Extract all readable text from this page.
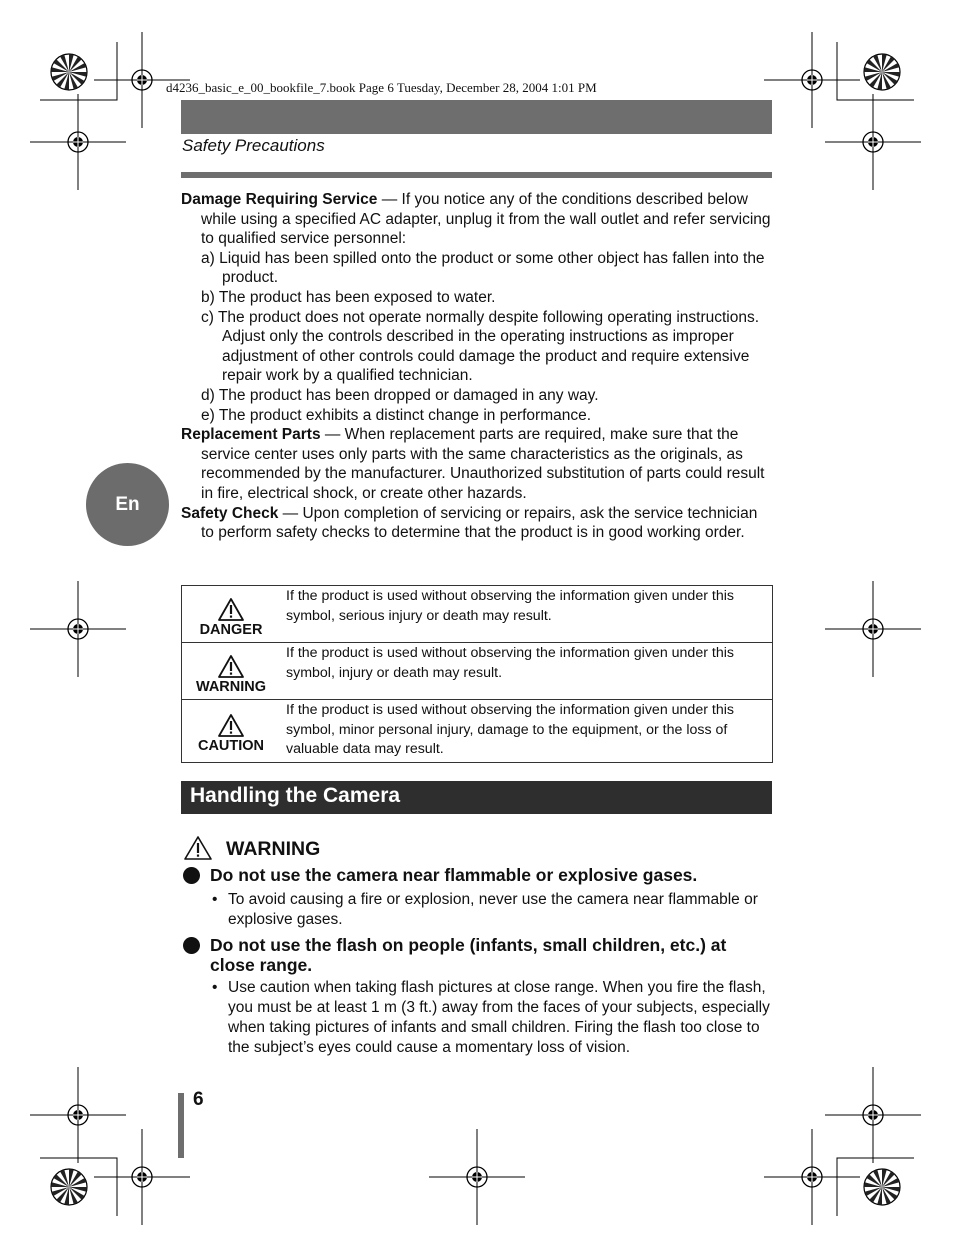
d4236_basic_e_00_bookfile_7.book Page 6 Tuesday, December 28, 2004 1:01 PM
Safety Precautions
En

Damage Requiring Service — If you notice any of the conditions described below while using a specified AC adapter, unplug it from the wall outlet and refer servicing to qualified service personnel:

a) Liquid has been spilled onto the product or some other object has fallen into the product.

b) The product has been exposed to water.

c) The product does not operate normally despite following operating instructions. Adjust only the controls described in the operating instructions as improper adjustment of other controls could damage the product and require extensive repair work by a qualified technician.

d) The product has been dropped or damaged in any way.

e) The product exhibits a distinct change in performance.

Replacement Parts — When replacement parts are required, make sure that the service center uses only parts with the same characteristics as the originals, as recommended by the manufacturer. Unauthorized substitution of parts could result in fire, electrical shock, or create other hazards.

Safety Check — Upon completion of servicing or repairs, ask the service technician to perform safety checks to determine that the product is in good working order.

DANGER
If the product is used without observing the information given under this symbol, serious injury or death may result.
WARNING
If the product is used without observing the information given under this symbol, injury or death may result.
CAUTION
If the product is used without observing the information given under this symbol, minor personal injury, damage to the equipment, or the loss of valuable data may result.
Handling the Camera
WARNING
Do not use the camera near flammable or explosive gases.
• To avoid causing a fire or explosion, never use the camera near flammable or explosive gases.
Do not use the flash on people (infants, small children, etc.) at close range.
• Use caution when taking flash pictures at close range. When you fire the flash, you must be at least 1 m (3 ft.) away from the faces of your subjects, especially when taking pictures of infants and small children. Firing the flash too close to the subject’s eyes could cause a momentary loss of vision.
6
